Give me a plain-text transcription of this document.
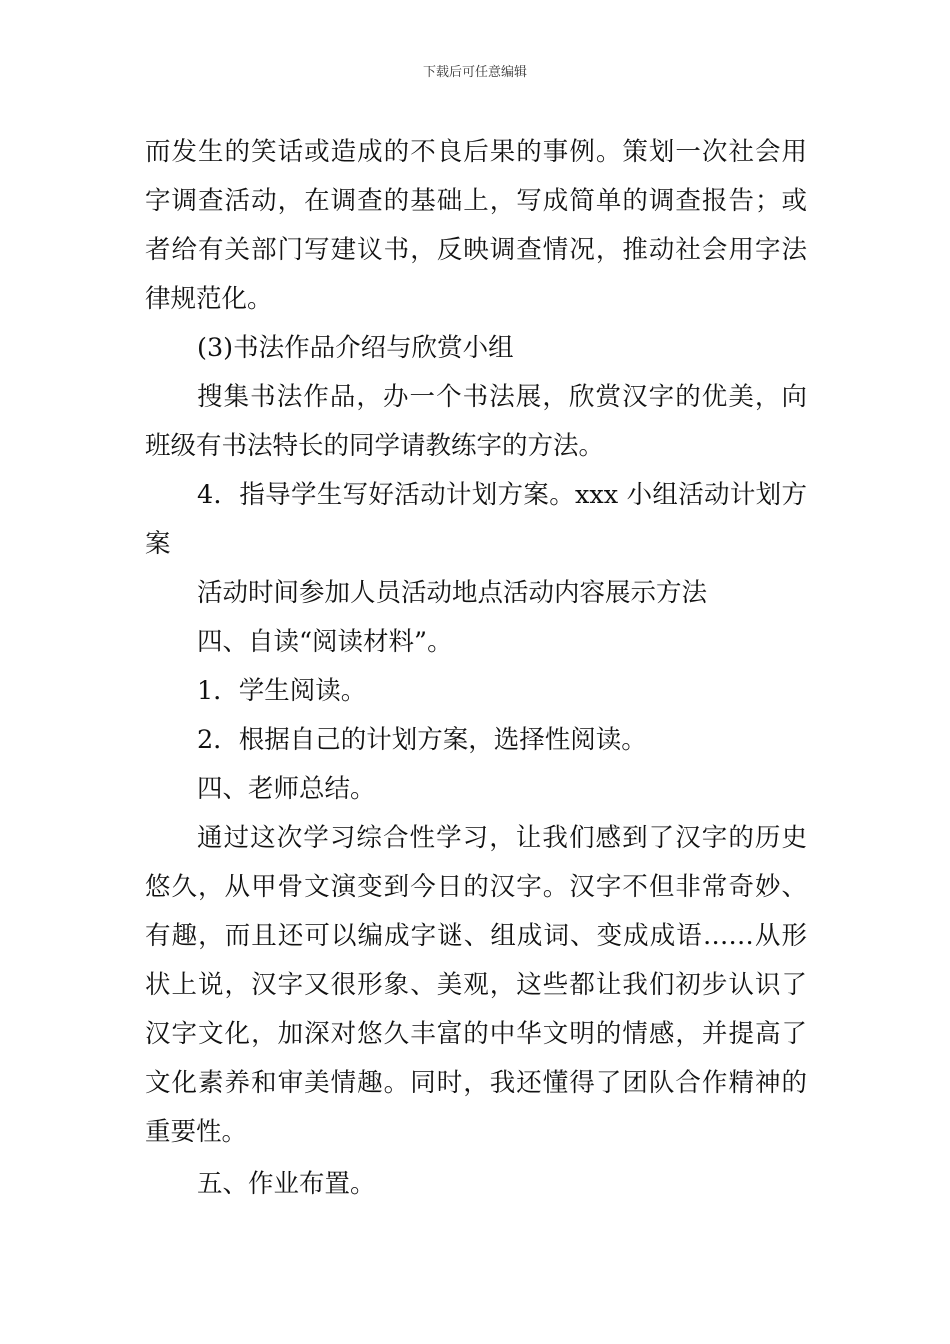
下载后可任意编辑
而发生的笑话或造成的不良后果的事例。策划一次社会用
字调查活动，在调查的基础上，写成简单的调查报告；或
者给有关部门写建议书，反映调查情况，推动社会用字法
律规范化。
(3)书法作品介绍与欣赏小组
搜集书法作品，办一个书法展，欣赏汉字的优美，向
班级有书法特长的同学请教练字的方法。
4．指导学生写好活动计划方案。xxx 小组活动计划方
案
活动时间参加人员活动地点活动内容展示方法
四、自读“阅读材料”。
1．学生阅读。
2．根据自己的计划方案，选择性阅读。
四、老师总结。
通过这次学习综合性学习，让我们感到了汉字的历史
悠久，从甲骨文演变到今日的汉字。汉字不但非常奇妙、
有趣，而且还可以编成字谜、组成词、变成成语……从形
状上说，汉字又很形象、美观，这些都让我们初步认识了
汉字文化，加深对悠久丰富的中华文明的情感，并提高了
文化素养和审美情趣。同时，我还懂得了团队合作精神的
重要性。
五、作业布置。
